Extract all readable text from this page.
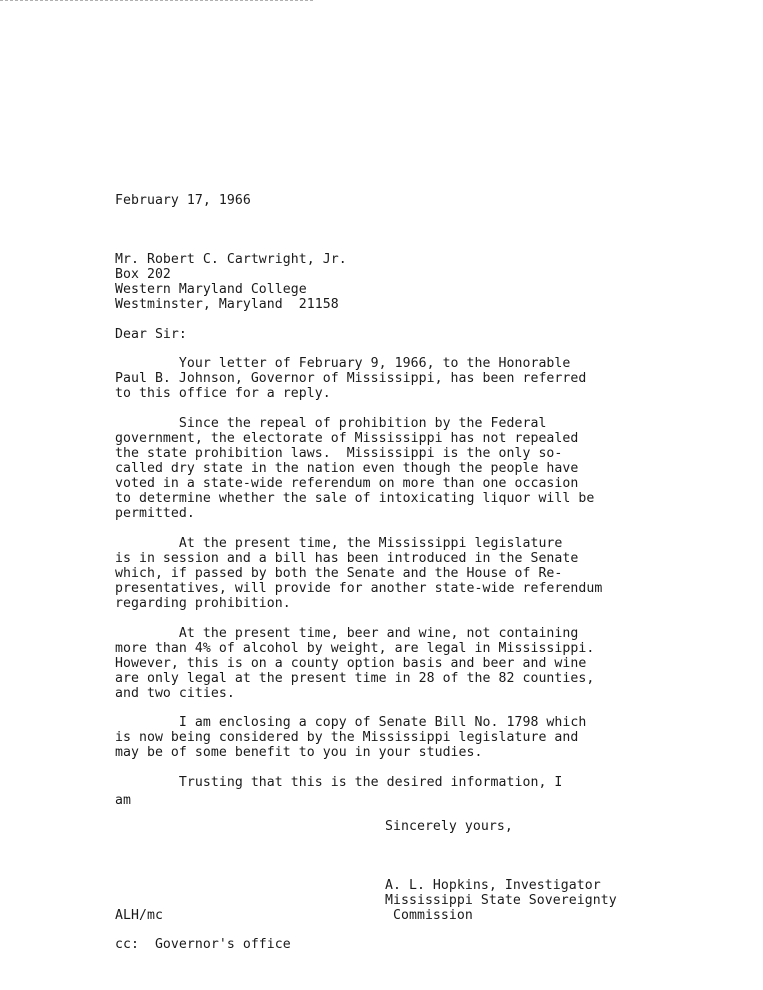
February 17, 1966
Mr. Robert C. Cartwright, Jr.
Box 202
Western Maryland College
Westminster, Maryland  21158
Dear Sir:
Your letter of February 9, 1966, to the Honorable
Paul B. Johnson, Governor of Mississippi, has been referred
to this office for a reply.
Since the repeal of prohibition by the Federal
government, the electorate of Mississippi has not repealed
the state prohibition laws.  Mississippi is the only so-
called dry state in the nation even though the people have
voted in a state-wide referendum on more than one occasion
to determine whether the sale of intoxicating liquor will be
permitted.
At the present time, the Mississippi legislature
is in session and a bill has been introduced in the Senate
which, if passed by both the Senate and the House of Re-
presentatives, will provide for another state-wide referendum
regarding prohibition.
At the present time, beer and wine, not containing
more than 4% of alcohol by weight, are legal in Mississippi.
However, this is on a county option basis and beer and wine
are only legal at the present time in 28 of the 82 counties,
and two cities.
I am enclosing a copy of Senate Bill No. 1798 which
is now being considered by the Mississippi legislature and
may be of some benefit to you in your studies.
Trusting that this is the desired information, I
am
Sincerely yours,
A. L. Hopkins, Investigator
Mississippi State Sovereignty
Commission
ALH/mc
cc:  Governor's office
